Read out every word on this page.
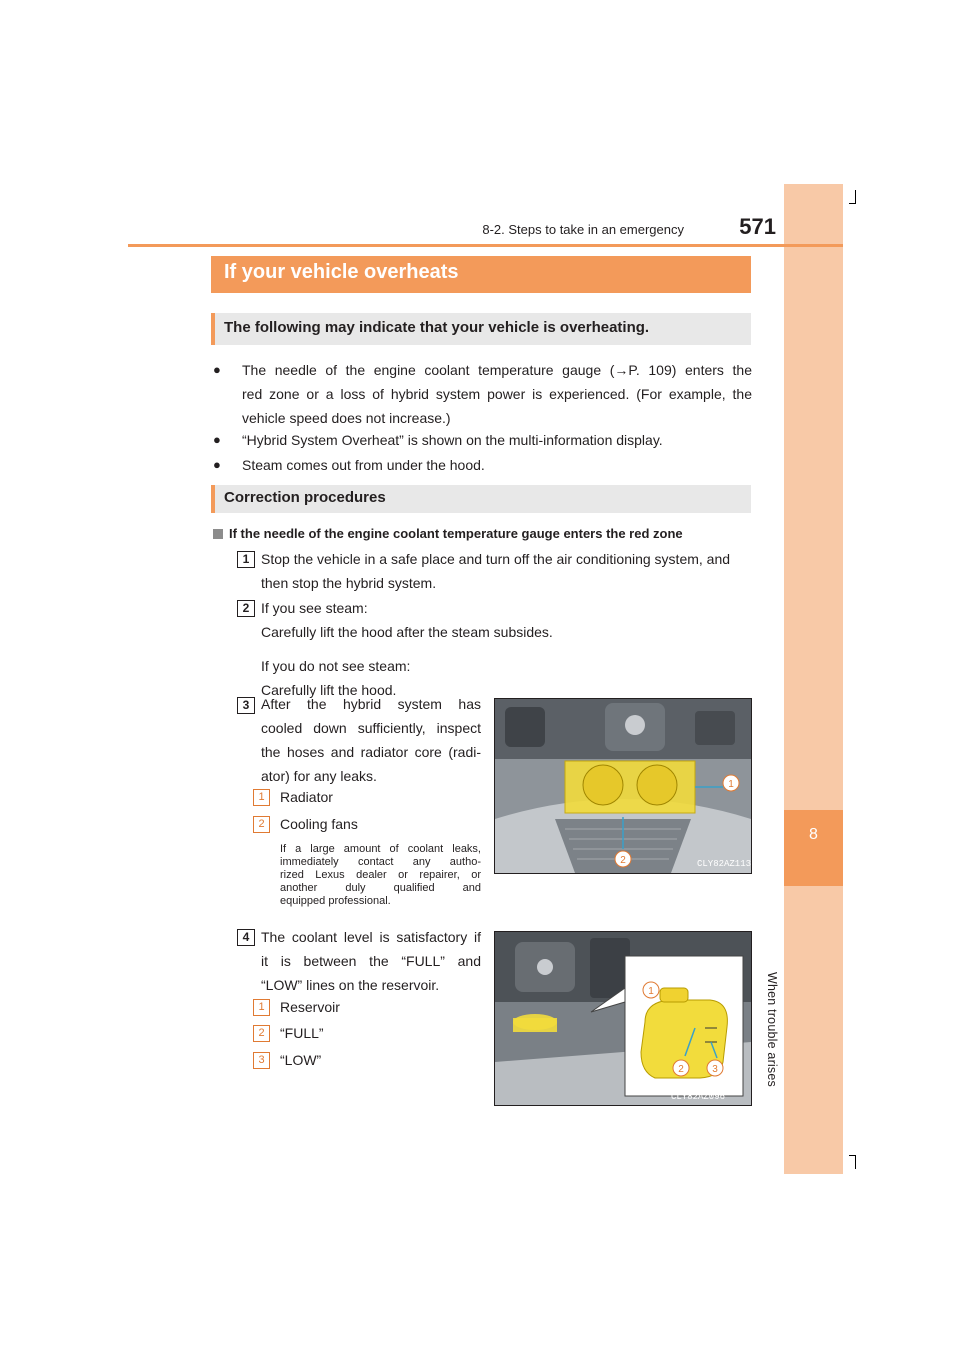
8
When trouble arises
8-2. Steps to take in an emergency	571
If your vehicle overheats
The following may indicate that your vehicle is overheating.
● The needle of the engine coolant temperature gauge (→P. 109) enters the
red zone or a loss of hybrid system power is experienced. (For example, the
vehicle speed does not increase.)
● “Hybrid System Overheat” is shown on the multi-information display.
● Steam comes out from under the hood.
Correction procedures
If the needle of the engine coolant temperature gauge enters the red zone
1 Stop the vehicle in a safe place and turn off the air conditioning system, and
then stop the hybrid system.
2 If you see steam:
Carefully lift the hood after the steam subsides.
If you do not see steam:
Carefully lift the hood.
3 After the hybrid system has
cooled down sufficiently, inspect
the hoses and radiator core (radi-
ator) for any leaks.
1	Radiator
2	Cooling fans
If a large amount of coolant leaks,
immediately contact any autho-
rized Lexus dealer or repairer, or
another duly qualified and
equipped professional.
1
2	CLY82AZ113
4 The coolant level is satisfactory if
it is between the “FULL” and
“LOW” lines on the reservoir.
1	Reservoir
2	“FULL”
3	“LOW”
1
2	3
CLY82AZ096
